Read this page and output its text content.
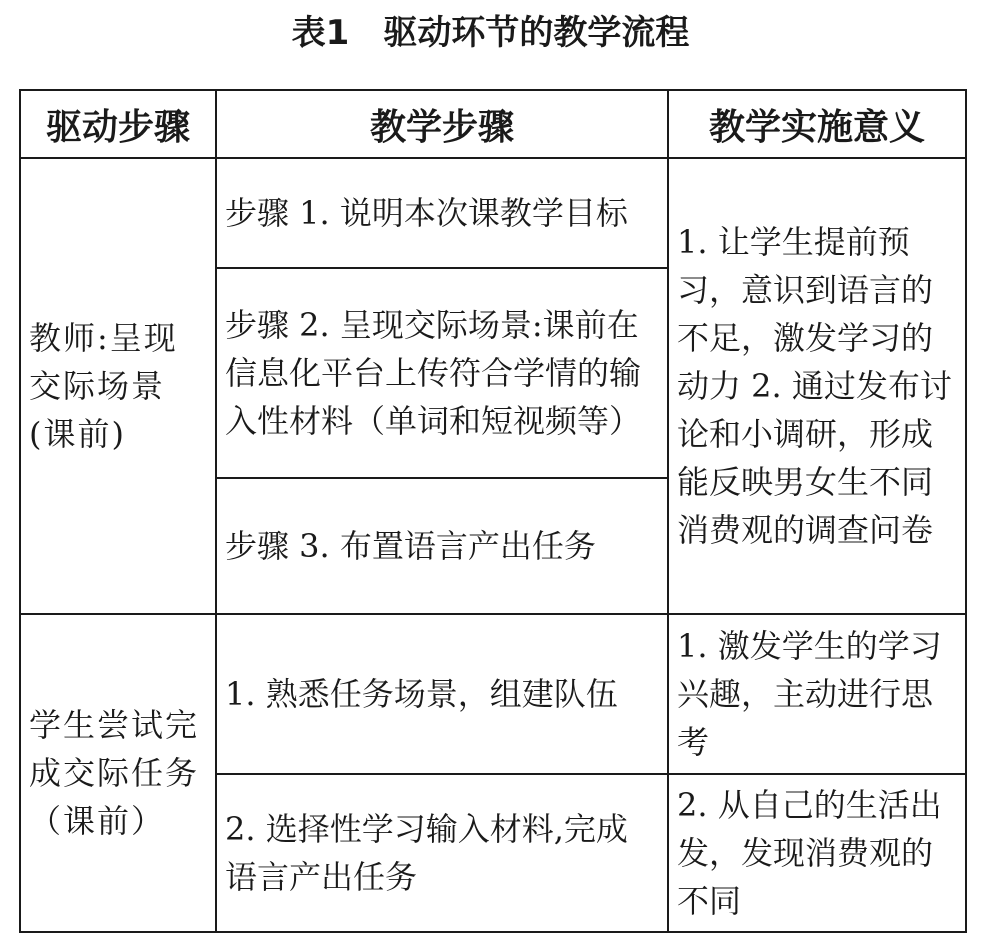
表1　驱动环节的教学流程
驱动步骤	教学步骤	教学实施意义
教师:呈现交际场景(课前)	步骤 1. 说明本次课教学目标	1. 让学生提前预习，意识到语言的不足，激发学习的动力 2. 通过发布讨论和小调研，形成能反映男女生不同消费观的调查问卷
	步骤 2. 呈现交际场景:课前在信息化平台上传符合学情的输入性材料（单词和短视频等）	
	步骤 3. 布置语言产出任务	
学生尝试完成交际任务（课前）	1. 熟悉任务场景，组建队伍	1. 激发学生的学习兴趣，主动进行思考
	2. 选择性学习输入材料,完成语言产出任务	2. 从自己的生活出发，发现消费观的不同
